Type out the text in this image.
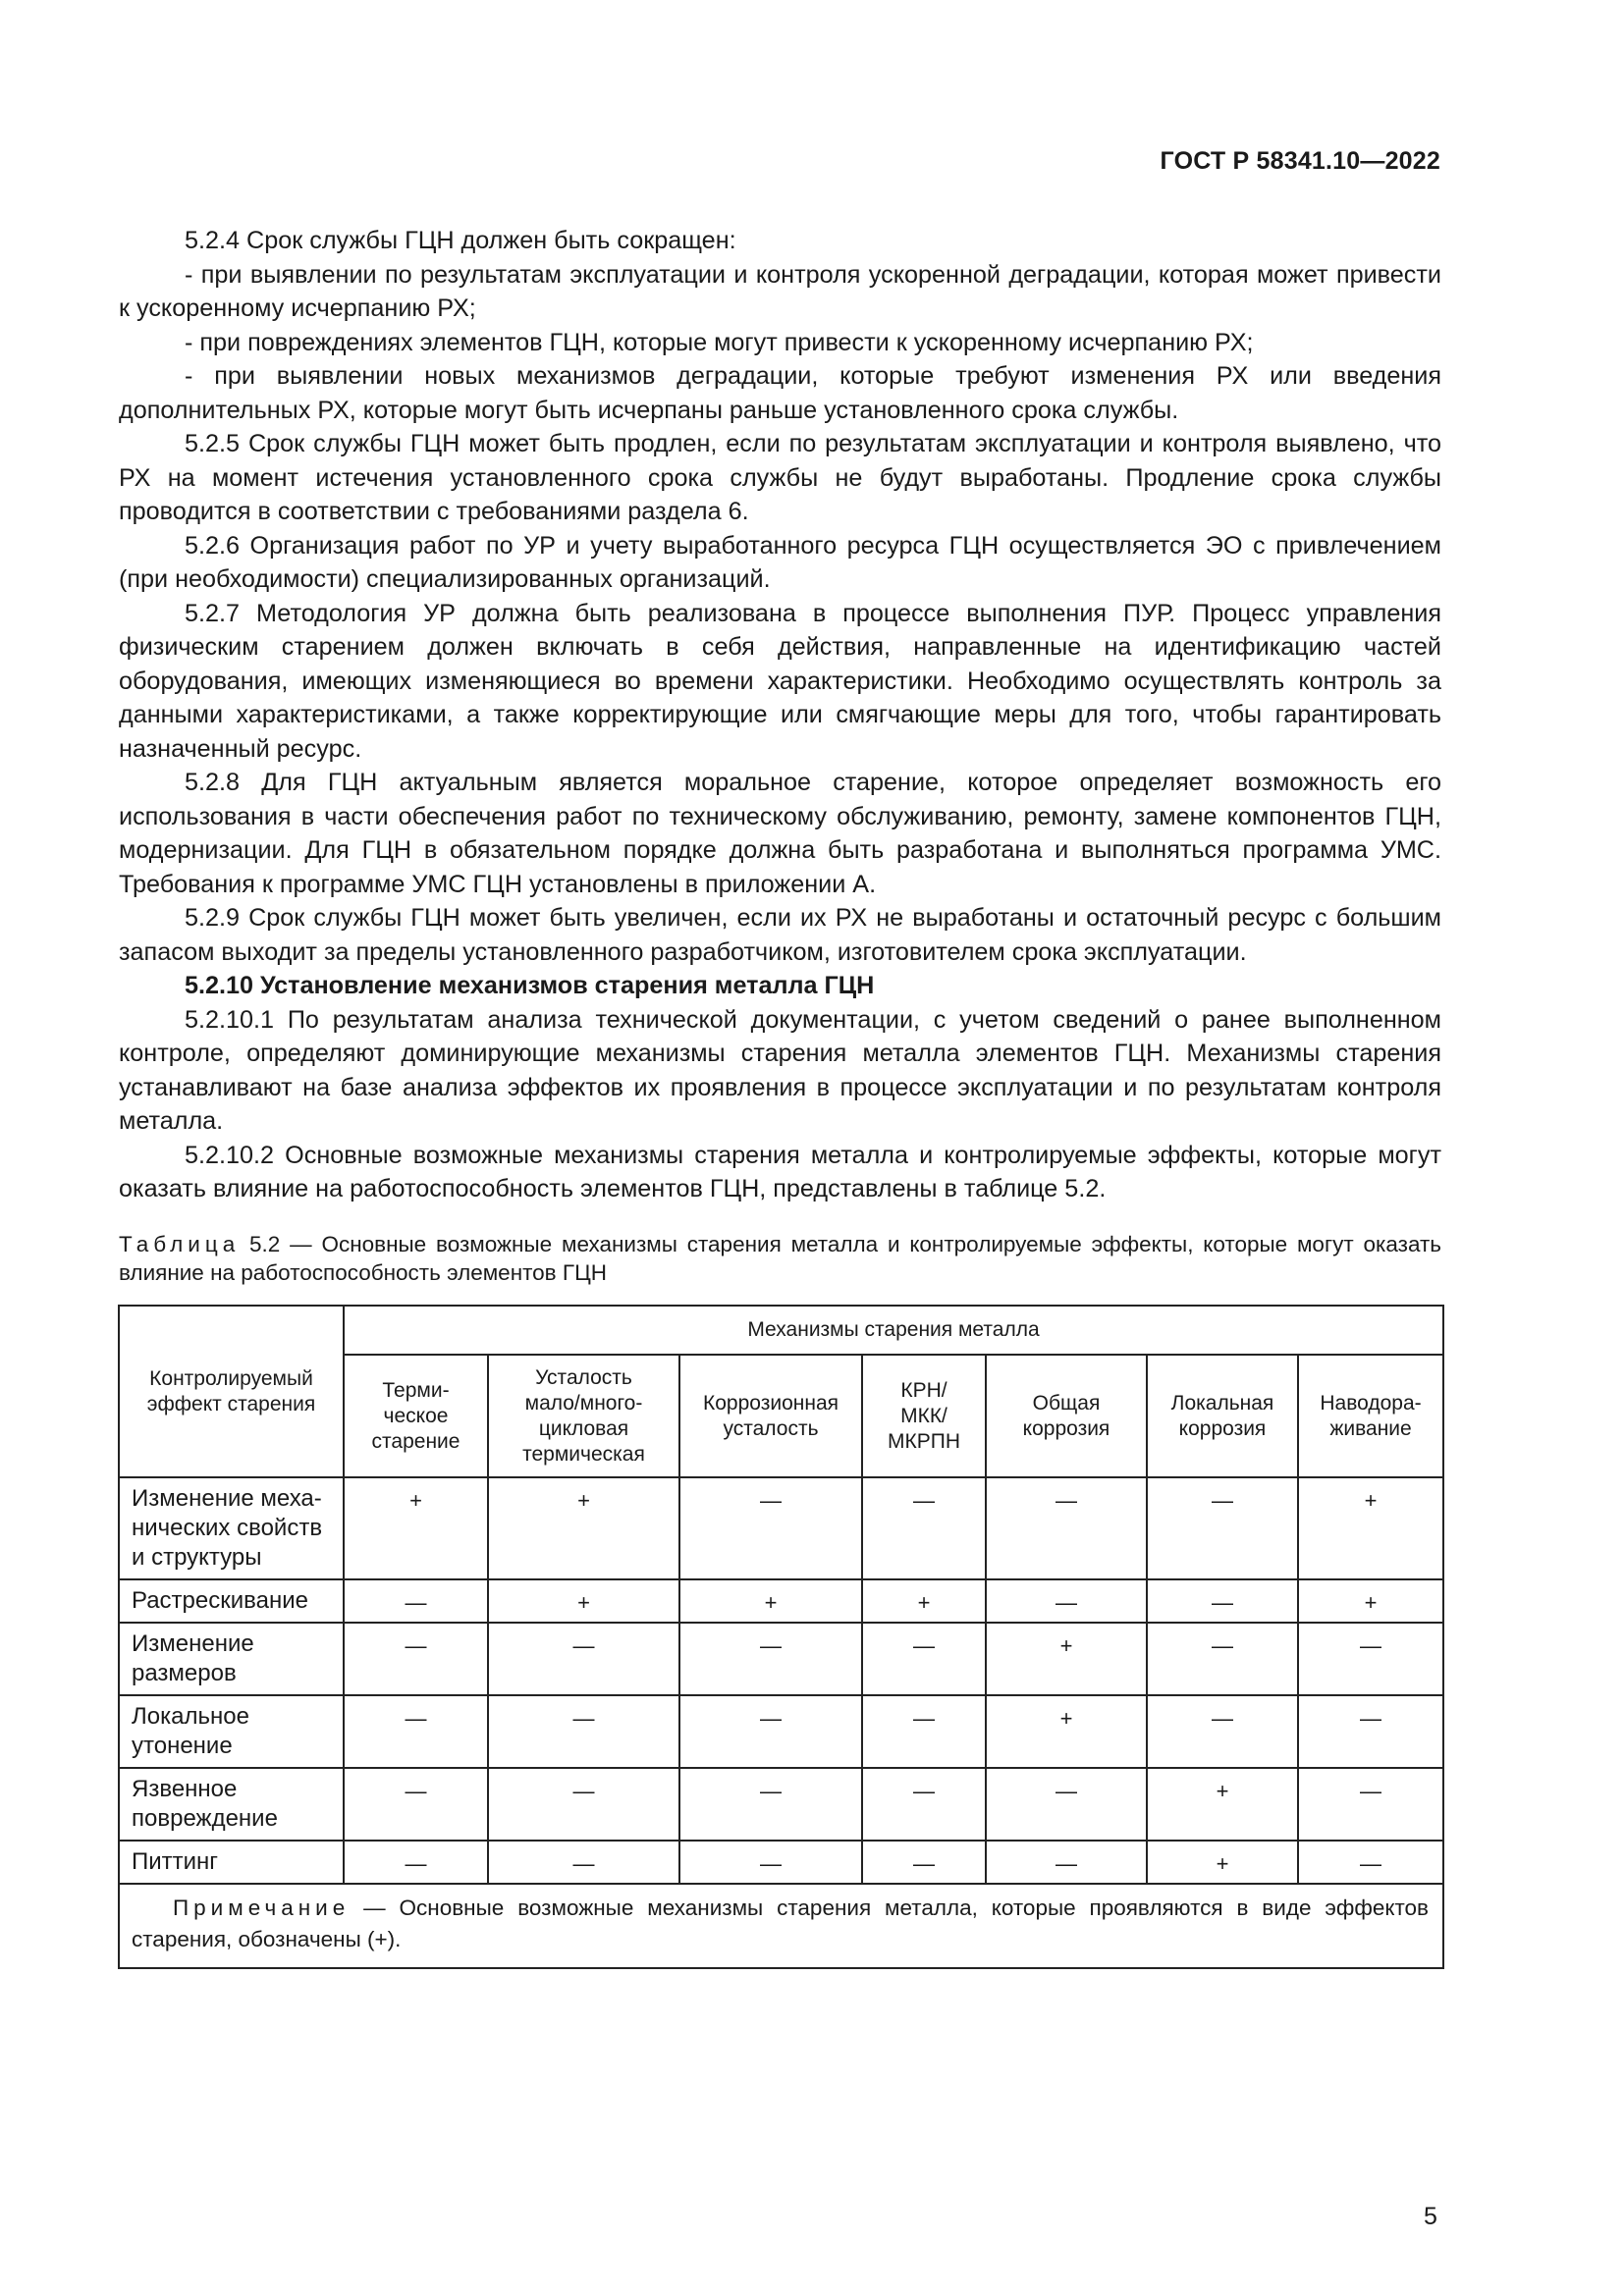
ГОСТ Р 58341.10—2022

5.2.4 Срок службы ГЦН должен быть сокращен:

- при выявлении по результатам эксплуатации и контроля ускоренной деградации, которая может привести к ускоренному исчерпанию РХ;

- при повреждениях элементов ГЦН, которые могут привести к ускоренному исчерпанию РХ;

- при выявлении новых механизмов деградации, которые требуют изменения РХ или введения дополнительных РХ, которые могут быть исчерпаны раньше установленного срока службы.

5.2.5 Срок службы ГЦН может быть продлен, если по результатам эксплуатации и контроля выявлено, что РХ на момент истечения установленного срока службы не будут выработаны. Продление срока службы проводится в соответствии с требованиями раздела 6.

5.2.6 Организация работ по УР и учету выработанного ресурса ГЦН осуществляется ЭО с привлечением (при необходимости) специализированных организаций.

5.2.7 Методология УР должна быть реализована в процессе выполнения ПУР. Процесс управления физическим старением должен включать в себя действия, направленные на идентификацию частей оборудования, имеющих изменяющиеся во времени характеристики. Необходимо осуществлять контроль за данными характеристиками, а также корректирующие или смягчающие меры для того, чтобы гарантировать назначенный ресурс.

5.2.8 Для ГЦН актуальным является моральное старение, которое определяет возможность его использования в части обеспечения работ по техническому обслуживанию, ремонту, замене компонентов ГЦН, модернизации. Для ГЦН в обязательном порядке должна быть разработана и выполняться программа УМС. Требования к программе УМС ГЦН установлены в приложении А.

5.2.9 Срок службы ГЦН может быть увеличен, если их РХ не выработаны и остаточный ресурс с большим запасом выходит за пределы установленного разработчиком, изготовителем срока эксплуатации.

5.2.10 Установление механизмов старения металла ГЦН

5.2.10.1 По результатам анализа технической документации, с учетом сведений о ранее выполненном контроле, определяют доминирующие механизмы старения металла элементов ГЦН. Механизмы старения устанавливают на базе анализа эффектов их проявления в процессе эксплуатации и по результатам контроля металла.

5.2.10.2 Основные возможные механизмы старения металла и контролируемые эффекты, которые могут оказать влияние на работоспособность элементов ГЦН, представлены в таблице 5.2.

Таблица 5.2 — Основные возможные механизмы старения металла и контролируемые эффекты, которые могут оказать влияние на работоспособность элементов ГЦН
Контролируемый эффект старения	Механизмы старения металла						
	Терми-
ческое
старение	Усталость
мало/много-
цикловая
термическая	Коррозионная
усталость	КРН/
МКК/
МКРПН	Общая
коррозия	Локальная
коррозия	Наводора-
живание
Изменение меха-
нических свойств
и структуры	+	+	—	—	—	—	+
Растрескивание	—	+	+	+	—	—	+
Изменение
размеров	—	—	—	—	+	—	—
Локальное
утонение	—	—	—	—	+	—	—
Язвенное
повреждение	—	—	—	—	—	+	—
Питтинг	—	—	—	—	—	+	—
Примечание — Основные возможные механизмы старения металла, которые проявляются в виде эффектов старения, обозначены (+).							
5
